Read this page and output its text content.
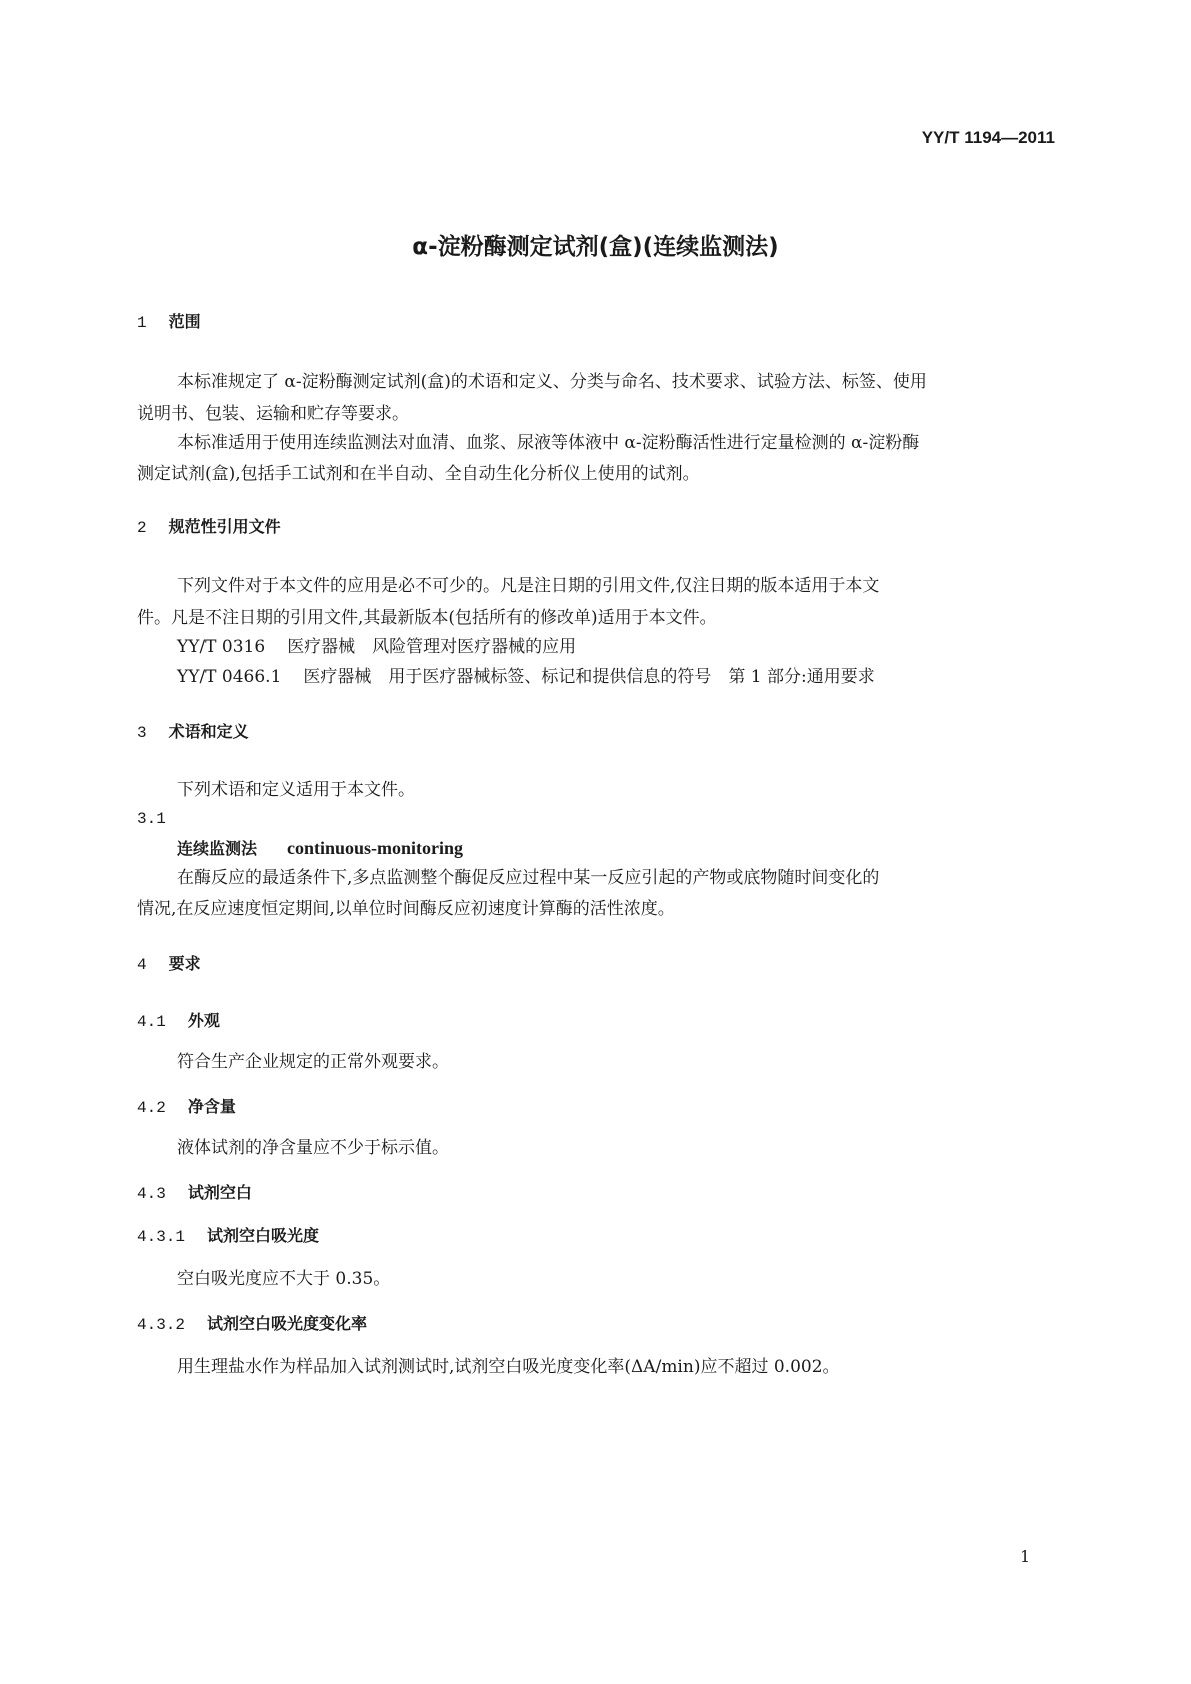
YY/T 1194—2011
α-淀粉酶测定试剂(盒)(连续监测法)
1 范围
本标准规定了 α-淀粉酶测定试剂(盒)的术语和定义、分类与命名、技术要求、试验方法、标签、使用
说明书、包装、运输和贮存等要求。
本标准适用于使用连续监测法对血清、血浆、尿液等体液中 α-淀粉酶活性进行定量检测的 α-淀粉酶
测定试剂(盒),包括手工试剂和在半自动、全自动生化分析仪上使用的试剂。
2 规范性引用文件
下列文件对于本文件的应用是必不可少的。凡是注日期的引用文件,仅注日期的版本适用于本文
件。凡是不注日期的引用文件,其最新版本(包括所有的修改单)适用于本文件。
YY/T 0316 医疗器械　风险管理对医疗器械的应用
YY/T 0466.1 医疗器械　用于医疗器械标签、标记和提供信息的符号　第 1 部分:通用要求
3 术语和定义
下列术语和定义适用于本文件。
3.1
连续监测法 continuous-monitoring
在酶反应的最适条件下,多点监测整个酶促反应过程中某一反应引起的产物或底物随时间变化的
情况,在反应速度恒定期间,以单位时间酶反应初速度计算酶的活性浓度。
4 要求
4.1 外观
符合生产企业规定的正常外观要求。
4.2 净含量
液体试剂的净含量应不少于标示值。
4.3 试剂空白
4.3.1 试剂空白吸光度
空白吸光度应不大于 0.35。
4.3.2 试剂空白吸光度变化率
用生理盐水作为样品加入试剂测试时,试剂空白吸光度变化率(ΔA/min)应不超过 0.002。
1
